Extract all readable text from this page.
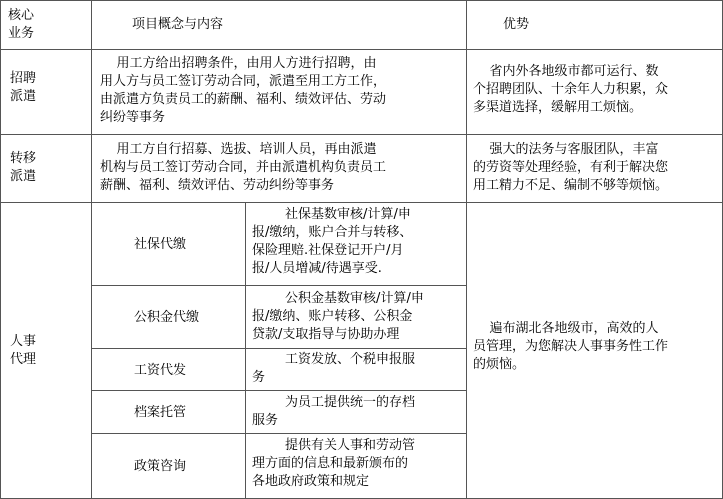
核心
业务
项目概念与内容	优势
招聘
派遣
用工方给出招聘条件，由用人方进行招聘，由
用人方与员工签订劳动合同，派遣至用工方工作，
由派遣方负责员工的薪酬、福利、绩效评估、劳动
纠纷等事务
省内外各地级市都可运行、数
个招聘团队、十余年人力积累，众
多渠道选择，缓解用工烦恼。
转移
派遣
用工方自行招募、选拔、培训人员，再由派遣
机构与员工签订劳动合同，并由派遣机构负责员工
薪酬、福利、绩效评估、劳动纠纷等事务
强大的法务与客服团队，丰富
的劳资等处理经验，有利于解决您
用工精力不足、编制不够等烦恼。
人事
代理
遍布湖北各地级市，高效的人
员管理，为您解决人事事务性工作
的烦恼。
社保代缴
社保基数审核/计算/申
报/缴纳，账户合并与转移、
保险理赔.社保登记开户/月
报/人员增减/待遇享受.
公积金代缴
公积金基数审核/计算/申
报/缴纳、账户转移、公积金
贷款/支取指导与协助办理
工资代发
工资发放、个税申报服
务
档案托管
为员工提供统一的存档
服务
政策咨询
提供有关人事和劳动管
理方面的信息和最新颁布的
各地政府政策和规定
